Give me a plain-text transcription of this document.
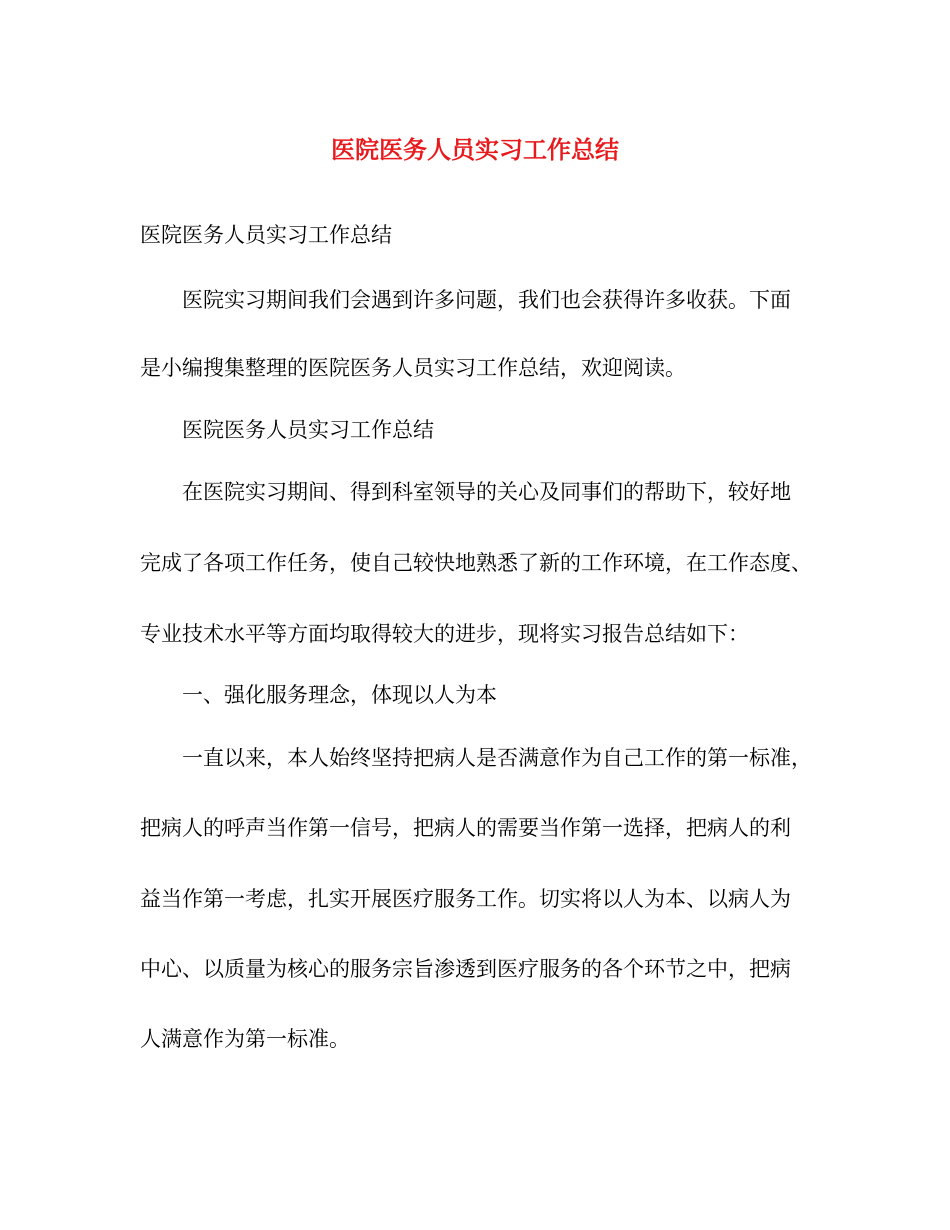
医院医务人员实习工作总结
医院医务人员实习工作总结
医院实习期间我们会遇到许多问题，我们也会获得许多收获。下面
是小编搜集整理的医院医务人员实习工作总结，欢迎阅读。
医院医务人员实习工作总结
在医院实习期间、得到科室领导的关心及同事们的帮助下，较好地
完成了各项工作任务，使自己较快地熟悉了新的工作环境，在工作态度、
专业技术水平等方面均取得较大的进步，现将实习报告总结如下：
一、强化服务理念，体现以人为本
一直以来，本人始终坚持把病人是否满意作为自己工作的第一标准，
把病人的呼声当作第一信号，把病人的需要当作第一选择，把病人的利
益当作第一考虑，扎实开展医疗服务工作。切实将以人为本、以病人为
中心、以质量为核心的服务宗旨渗透到医疗服务的各个环节之中，把病
人满意作为第一标准。
